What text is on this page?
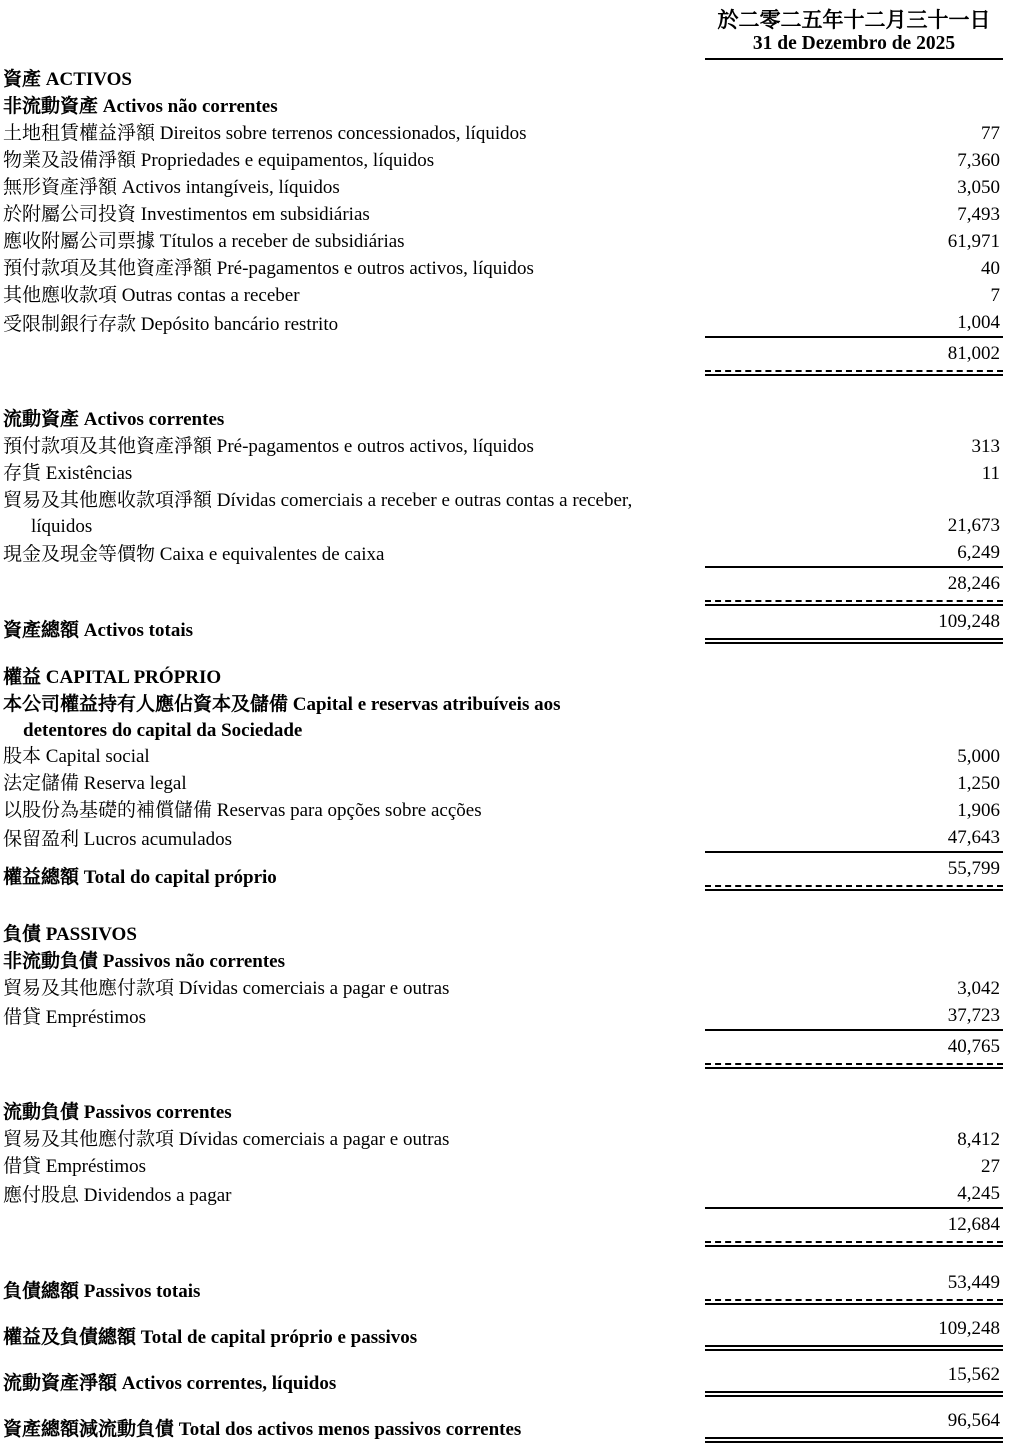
於二零二五年十二月三十一日
31 de Dezembro de 2025
資產 ACTIVOS
非流動資產 Activos não correntes
土地租賃權益淨額 Direitos sobre terrenos concessionados, líquidos	77
物業及設備淨額 Propriedades e equipamentos, líquidos	7,360
無形資產淨額 Activos intangíveis, líquidos	3,050
於附屬公司投資 Investimentos em subsidiárias	7,493
應收附屬公司票據 Títulos a receber de subsidiárias	61,971
預付款項及其他資產淨額 Pré-pagamentos e outros activos, líquidos	40
其他應收款項 Outras contas a receber	7
受限制銀行存款 Depósito bancário restrito	1,004
81,002
流動資產 Activos correntes
預付款項及其他資產淨額 Pré-pagamentos e outros activos, líquidos	313
存貨 Existências	11
貿易及其他應收款項淨額 Dívidas comerciais a receber e outras contas a receber,
líquidos	21,673
現金及現金等價物 Caixa e equivalentes de caixa	6,249
28,246
資產總額 Activos totais	109,248
權益 CAPITAL PRÓPRIO
本公司權益持有人應佔資本及儲備 Capital e reservas atribuíveis aos
detentores do capital da Sociedade
股本 Capital social	5,000
法定儲備 Reserva legal	1,250
以股份為基礎的補償儲備 Reservas para opções sobre acções	1,906
保留盈利 Lucros acumulados	47,643
權益總額 Total do capital próprio	55,799
負債 PASSIVOS
非流動負債 Passivos não correntes
貿易及其他應付款項 Dívidas comerciais a pagar e outras	3,042
借貸 Empréstimos	37,723
40,765
流動負債 Passivos correntes
貿易及其他應付款項 Dívidas comerciais a pagar e outras	8,412
借貸 Empréstimos	27
應付股息 Dividendos a pagar	4,245
12,684
負債總額 Passivos totais	53,449
權益及負債總額 Total de capital próprio e passivos	109,248
流動資產淨額 Activos correntes, líquidos	15,562
資產總額減流動負債 Total dos activos menos passivos correntes	96,564
